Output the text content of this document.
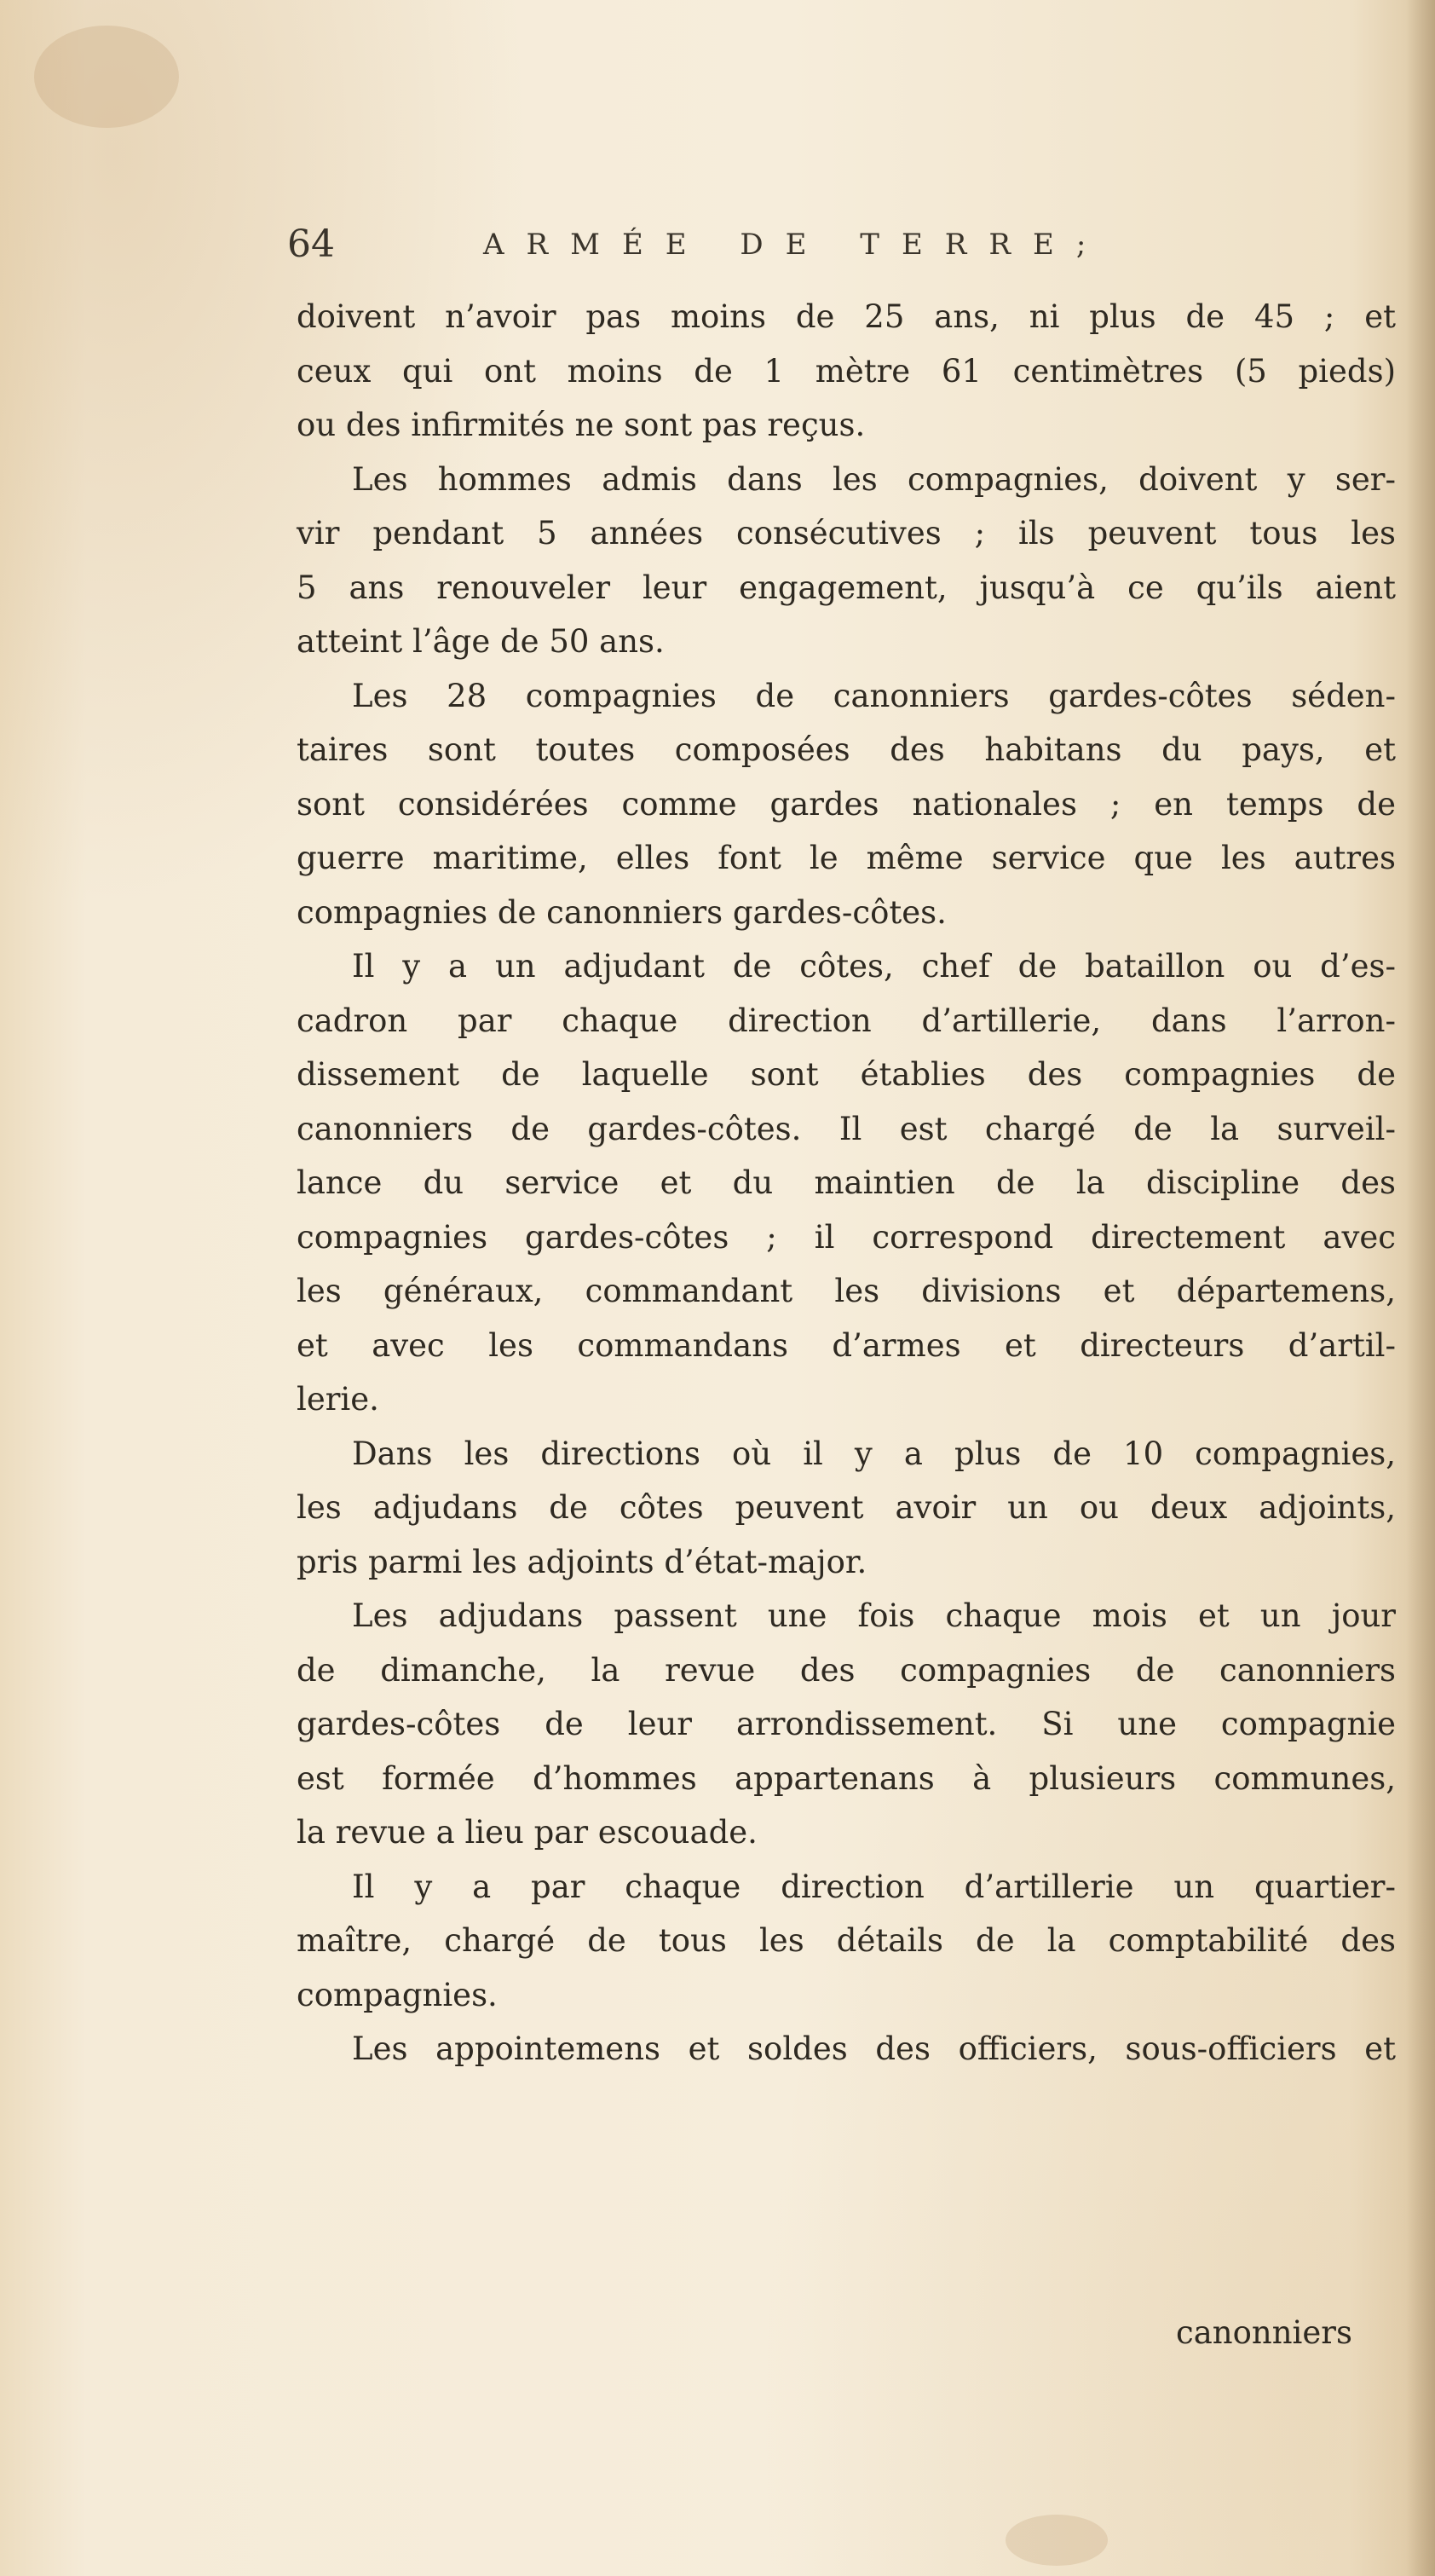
64	ARMÉE DE TERRE;
doivent n’avoir pas moins de 25 ans, ni plus de 45 ; et
ceux qui ont moins de 1 mètre 61 centimètres (5 pieds)
ou des infirmités ne sont pas reçus.
Les hommes admis dans les compagnies, doivent y ser-
vir pendant 5 années consécutives ; ils peuvent tous les
5 ans renouveler leur engagement, jusqu’à ce qu’ils aient
atteint l’âge de 50 ans.
Les 28 compagnies de canonniers gardes-côtes séden-
taires sont toutes composées des habitans du pays, et
sont considérées comme gardes nationales ; en temps de
guerre maritime, elles font le même service que les autres
compagnies de canonniers gardes-côtes.
Il y a un adjudant de côtes, chef de bataillon ou d’es-
cadron par chaque direction d’artillerie, dans l’arron-
dissement de laquelle sont établies des compagnies de
canonniers de gardes-côtes. Il est chargé de la surveil-
lance du service et du maintien de la discipline des
compagnies gardes-côtes ; il correspond directement avec
les généraux, commandant les divisions et départemens,
et avec les commandans d’armes et directeurs d’artil-
lerie.
Dans les directions où il y a plus de 10 compagnies,
les adjudans de côtes peuvent avoir un ou deux adjoints,
pris parmi les adjoints d’état-major.
Les adjudans passent une fois chaque mois et un jour
de dimanche, la revue des compagnies de canonniers
gardes-côtes de leur arrondissement. Si une compagnie
est formée d’hommes appartenans à plusieurs communes,
la revue a lieu par escouade.
Il y a par chaque direction d’artillerie un quartier-
maître, chargé de tous les détails de la comptabilité des
compagnies.
Les appointemens et soldes des officiers, sous-officiers et
canonniers
